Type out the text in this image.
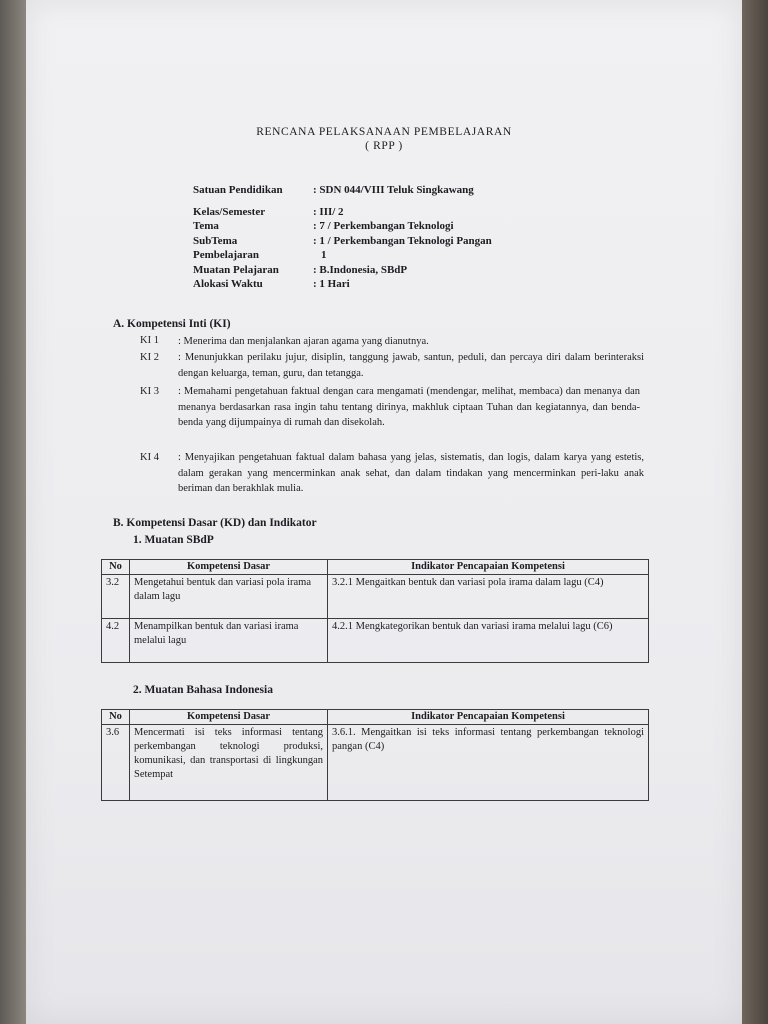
RENCANA PELAKSANAAN PEMBELAJARAN
( RPP )
Satuan Pendidikan	: SDN 044/VIII Teluk Singkawang
Kelas/Semester	: III/ 2
Tema	: 7 / Perkembangan Teknologi
SubTema	: 1 / Perkembangan Teknologi Pangan
Pembelajaran	1
Muatan Pelajaran	: B.Indonesia, SBdP
Alokasi Waktu	: 1 Hari
A. Kompetensi Inti (KI)
KI 1 : Menerima dan menjalankan ajaran agama yang dianutnya.
KI 2 : Menunjukkan perilaku jujur, disiplin, tanggung jawab, santun, peduli, dan percaya diri dalam berinteraksi dengan keluarga, teman, guru, dan tetangga.
KI 3 : Memahami pengetahuan faktual dengan cara mengamati (mendengar, melihat, membaca) dan menanya dan menanya berdasarkan rasa ingin tahu tentang dirinya, makhluk ciptaan Tuhan dan kegiatannya, dan benda-benda yang dijumpainya di rumah dan disekolah.
KI 4 : Menyajikan pengetahuan faktual dalam bahasa yang jelas, sistematis, dan logis, dalam karya yang estetis, dalam gerakan yang mencerminkan anak sehat, dan dalam tindakan yang mencerminkan peri-laku anak beriman dan berakhlak mulia.
B. Kompetensi Dasar (KD) dan Indikator
1. Muatan SBdP
No	Kompetensi Dasar	Indikator Pencapaian Kompetensi
3.2	Mengetahui bentuk dan variasi pola irama dalam lagu	3.2.1 Mengaitkan bentuk dan variasi pola irama dalam lagu (C4)
4.2	Menampilkan bentuk dan variasi irama melalui lagu	4.2.1 Mengkategorikan bentuk dan variasi irama melalui lagu (C6)
2. Muatan Bahasa Indonesia
No	Kompetensi Dasar	Indikator Pencapaian Kompetensi
3.6	Mencermati isi teks informasi tentang perkembangan teknologi produksi, komunikasi, dan transportasi di lingkungan Setempat	3.6.1. Mengaitkan isi teks informasi tentang perkembangan teknologi pangan (C4)
